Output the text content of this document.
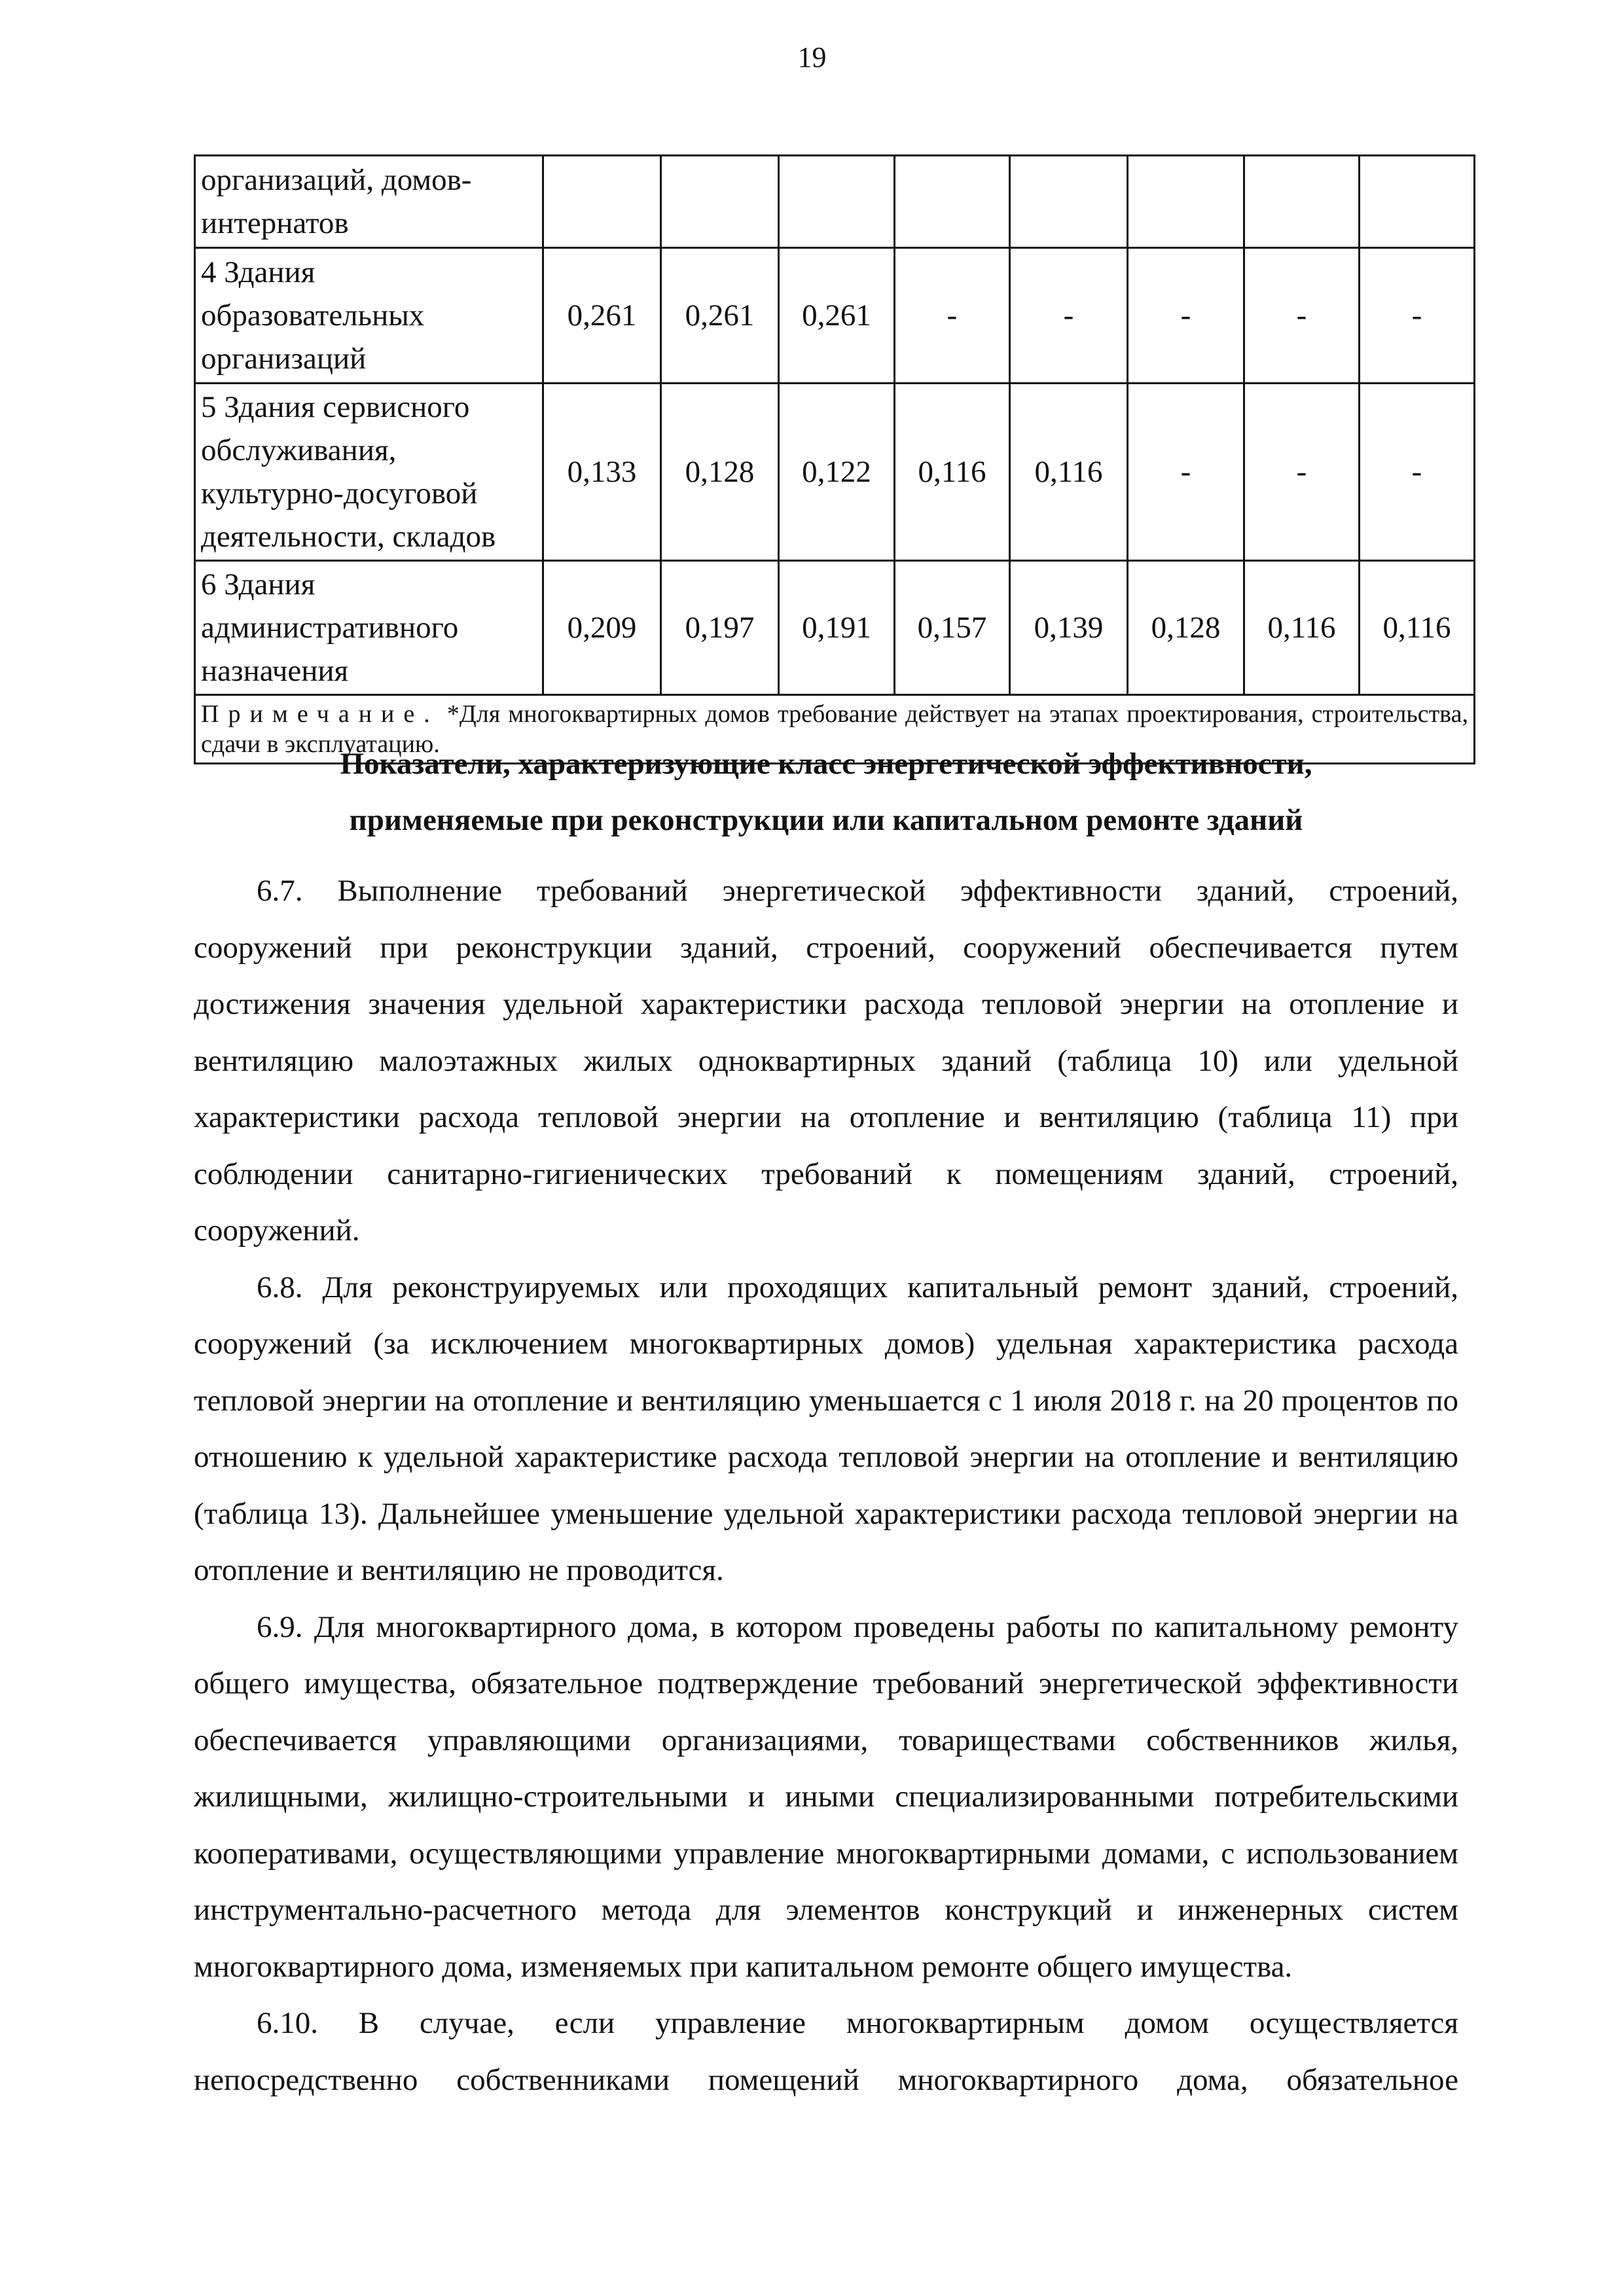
19
организаций, домов-
интернатов								

4 Здания
образовательных
организаций	0,261	0,261	0,261	-	-	-	-	-

5 Здания сервисного
обслуживания,
культурно-досуговой
деятельности, складов	0,133	0,128	0,122	0,116	0,116	-	-	-

6 Здания
административного
назначения	0,209	0,197	0,191	0,157	0,139	0,128	0,116	0,116
Примечание. *Для многоквартирных домов требование действует на этапах проектирования, строительства, сдачи в эксплуатацию.								
Показатели, характеризующие класс энергетической эффективности,
применяемые при реконструкции или капитальном ремонте зданий

6.7. Выполнение требований энергетической эффективности зданий, строений, сооружений при реконструкции зданий, строений, сооружений обеспечивается путем достижения значения удельной характеристики расхода тепловой энергии на отопление и вентиляцию малоэтажных жилых одноквартирных зданий (таблица 10) или удельной характеристики расхода тепловой энергии на отопление и вентиляцию (таблица 11) при соблюдении санитарно-гигиенических требований к помещениям зданий, строений, сооружений.

6.8. Для реконструируемых или проходящих капитальный ремонт зданий, строений, сооружений (за исключением многоквартирных домов) удельная характеристика расхода тепловой энергии на отопление и вентиляцию уменьшается с 1 июля 2018 г. на 20 процентов по отношению к удельной характеристике расхода тепловой энергии на отопление и вентиляцию (таблица 13). Дальнейшее уменьшение удельной характеристики расхода тепловой энергии на отопление и вентиляцию не проводится.

6.9. Для многоквартирного дома, в котором проведены работы по капитальному ремонту общего имущества, обязательное подтверждение требований энергетической эффективности обеспечивается управляющими организациями, товариществами собственников жилья, жилищными, жилищно-строительными и иными специализированными потребительскими кооперативами, осуществляющими управление многоквартирными домами, с использованием инструментально-расчетного метода для элементов конструкций и инженерных систем многоквартирного дома, изменяемых при капитальном ремонте общего имущества.

6.10. В случае, если управление многоквартирным домом осуществляется непосредственно собственниками помещений многоквартирного дома, обязательное
